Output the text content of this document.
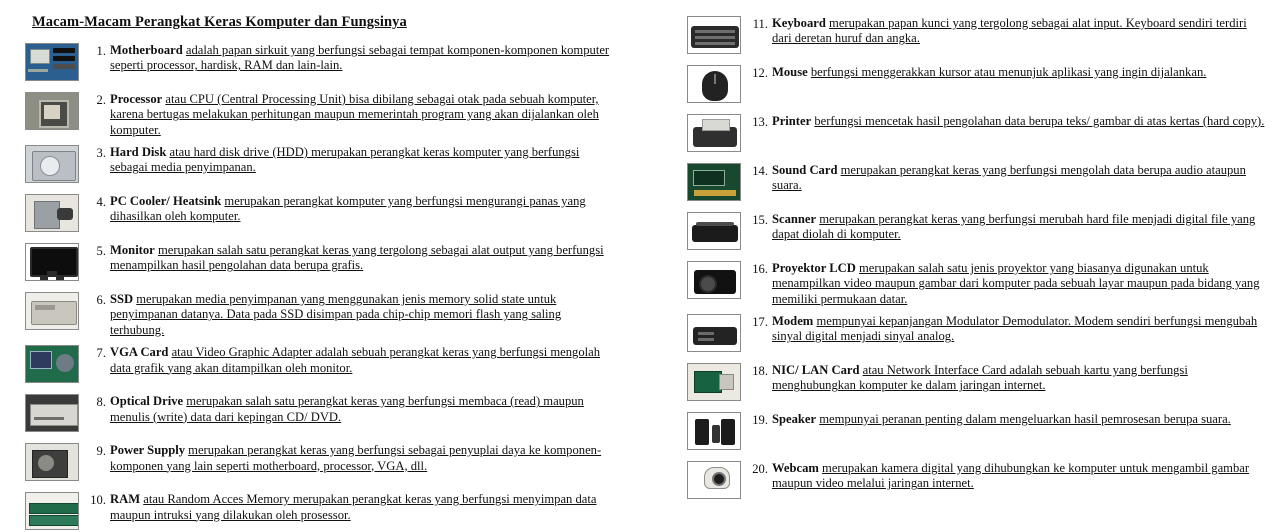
Macam-Macam Perangkat Keras Komputer dan Fungsinya
1. Motherboard adalah papan sirkuit yang berfungsi sebagai tempat komponen-komponen komputer seperti processor, hardisk, RAM dan lain-lain.
2. Processor atau CPU (Central Processing Unit) bisa dibilang sebagai otak pada sebuah komputer, karena bertugas melakukan perhitungan maupun memerintah program yang akan dijalankan oleh komputer.
3. Hard Disk atau hard disk drive (HDD) merupakan perangkat keras komputer yang berfungsi sebagai media penyimpanan.
4. PC Cooler/ Heatsink merupakan perangkat komputer yang berfungsi mengurangi panas yang dihasilkan oleh komputer.
5. Monitor merupakan salah satu perangkat keras yang tergolong sebagai alat output yang berfungsi menampilkan hasil pengolahan data berupa grafis.
6. SSD merupakan media penyimpanan yang menggunakan jenis memory solid state untuk penyimpanan datanya. Data pada SSD disimpan pada chip-chip memori flash yang saling terhubung.
7. VGA Card atau Video Graphic Adapter adalah sebuah perangkat keras yang berfungsi mengolah data grafik yang akan ditampilkan oleh monitor.
8. Optical Drive merupakan salah satu perangkat keras yang berfungsi membaca (read) maupun menulis (write) data dari kepingan CD/ DVD.
9. Power Supply merupakan perangkat keras yang berfungsi sebagai penyuplai daya ke komponen-komponen yang lain seperti motherboard, processor, VGA, dll.
10. RAM atau Random Acces Memory merupakan perangkat keras yang berfungsi menyimpan data maupun intruksi yang dilakukan oleh prosessor.
11. Keyboard merupakan papan kunci yang tergolong sebagai alat input. Keyboard sendiri terdiri dari deretan huruf dan angka.
12. Mouse berfungsi menggerakkan kursor atau menunjuk aplikasi yang ingin dijalankan.
13. Printer berfungsi mencetak hasil pengolahan data berupa teks/ gambar di atas kertas (hard copy).
14. Sound Card merupakan perangkat keras yang berfungsi mengolah data berupa audio ataupun suara.
15. Scanner merupakan perangkat keras yang berfungsi merubah hard file menjadi digital file yang dapat diolah di komputer.
16. Proyektor LCD merupakan salah satu jenis proyektor yang biasanya digunakan untuk menampilkan video maupun gambar dari komputer pada sebuah layar maupun pada bidang yang memiliki permukaan datar.
17. Modem mempunyai kepanjangan Modulator Demodulator. Modem sendiri berfungsi mengubah sinyal digital menjadi sinyal analog.
18. NIC/ LAN Card atau Network Interface Card adalah sebuah kartu yang berfungsi menghubungkan komputer ke dalam jaringan internet.
19. Speaker mempunyai peranan penting dalam mengeluarkan hasil pemrosesan berupa suara.
20. Webcam merupakan kamera digital yang dihubungkan ke komputer untuk mengambil gambar maupun video melalui jaringan internet.
